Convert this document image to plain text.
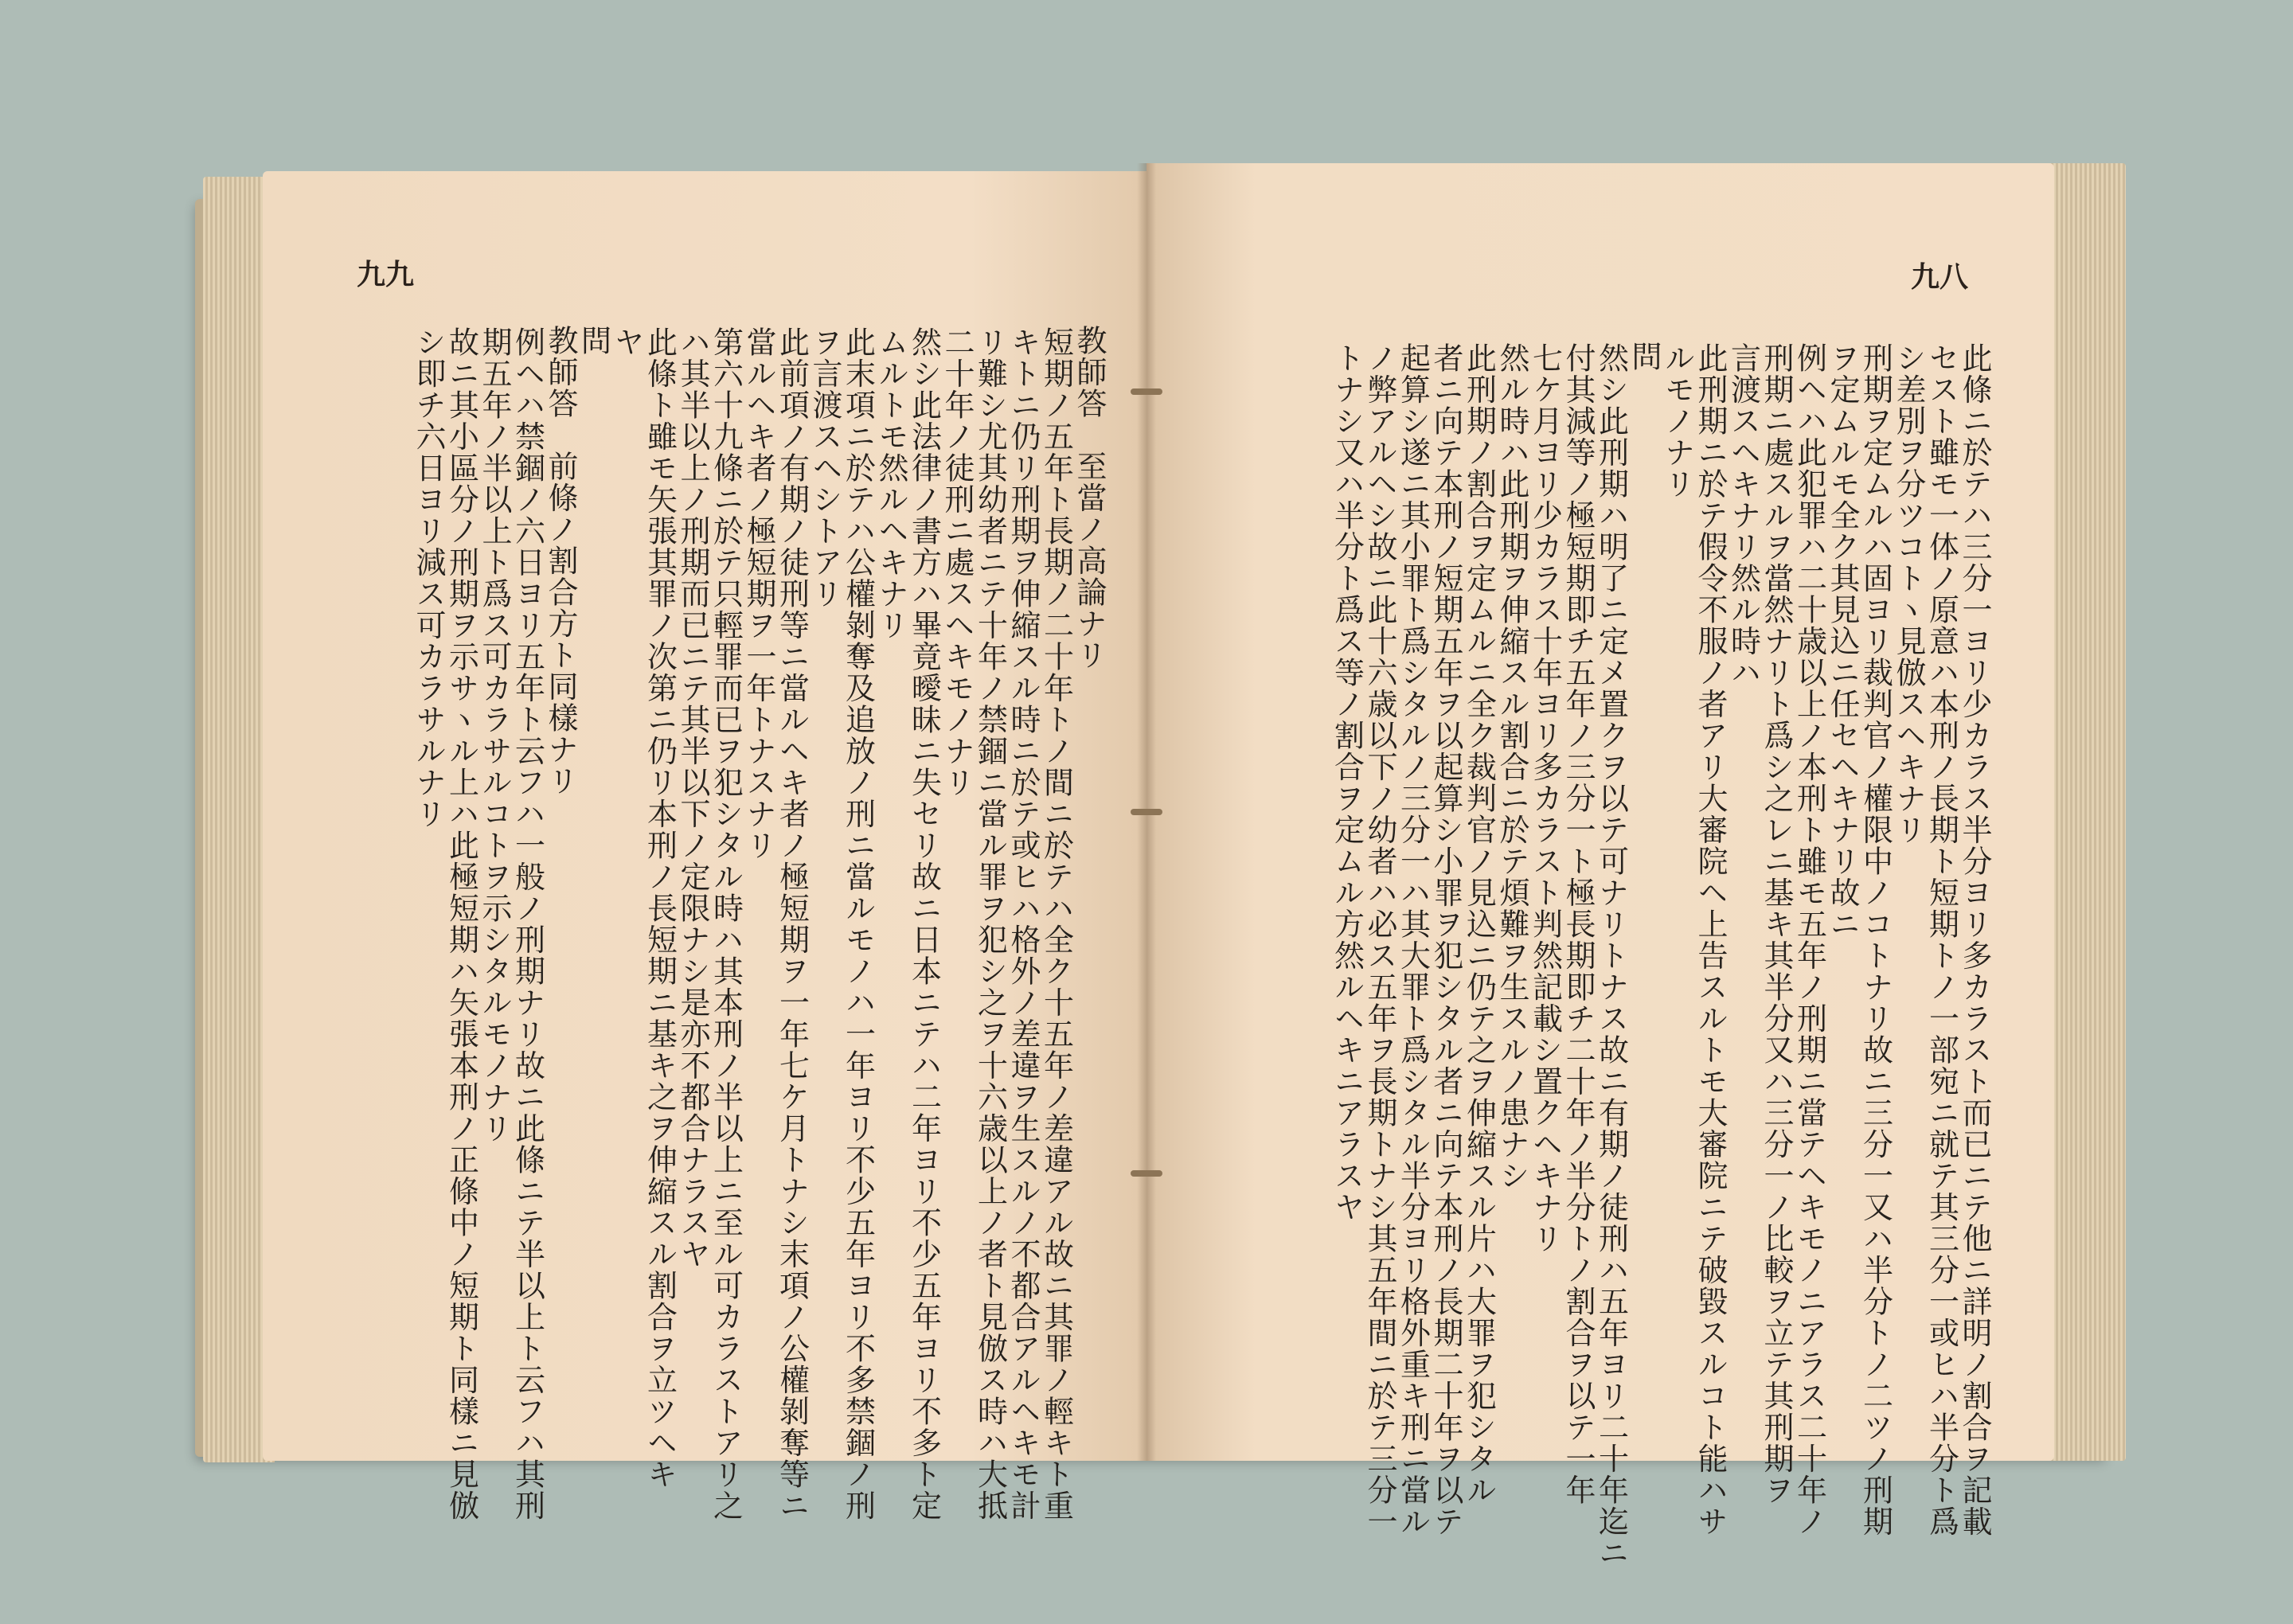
九九
教師答　至當ノ高論ナリ
短期ノ五年ト長期ノ二十年トノ間ニ於テハ全ク十五年ノ差違アル故ニ其罪ノ輕キト重
キトニ仍リ刑期ヲ伸縮スル時ニ於テ或ヒハ格外ノ差違ヲ生スルノ不都合アルヘキモ計
リ難シ尤其幼者ニテ十年ノ禁錮ニ當ル罪ヲ犯シ之ヲ十六歳以上ノ者ト見倣ス時ハ大抵
二十年ノ徒刑ニ處スヘキモノナリ
然シ此法律ノ書方ハ畢竟曖昧ニ失セリ故ニ日本ニテハ二年ヨリ不少五年ヨリ不多ト定
ムルトモ然ルヘキナリ
此末項ニ於テハ公權剝奪及追放ノ刑ニ當ルモノハ一年ヨリ不少五年ヨリ不多禁錮ノ刑
ヲ言渡スヘシトアリ
此前項ノ有期ノ徒刑等ニ當ルヘキ者ノ極短期ヲ一年七ケ月トナシ末項ノ公權剝奪等ニ
當ルヘキ者ノ極短期ヲ一年トナスナリ
第六十九條ニ於テ只輕罪而已ヲ犯シタル時ハ其本刑ノ半以上ニ至ル可カラストアリ之
ハ其半以上ノ刑期而已ニテ其半以下ノ定限ナシ是亦不都合ナラスヤ
此條ト雖モ矢張其罪ノ次第ニ仍リ本刑ノ長短期ニ基キ之ヲ伸縮スル割合ヲ立ツヘキ
ヤ
問
教師答　前條ノ割合方ト同樣ナリ
例ヘハ禁錮ノ六日ヨリ五年ト云フハ一般ノ刑期ナリ故ニ此條ニテ半以上ト云フハ其刑
期五年ノ半以上ト爲ス可カラサルコトヲ示シタルモノナリ
故ニ其小區分ノ刑期ヲ示サヽル上ハ此極短期ハ矢張本刑ノ正條中ノ短期ト同樣ニ見倣
シ即チ六日ヨリ減ス可カラサルナリ
九八
此條ニ於テハ三分一ヨリ少カラス半分ヨリ多カラスト而已ニテ他ニ詳明ノ割合ヲ記載
セスト雖モ一体ノ原意ハ本刑ノ長期ト短期トノ一部宛ニ就テ其三分一或ヒハ半分ト爲
シ差別ヲ分ツコトヽ見倣スヘキナリ
刑期ヲ定ムルハ固ヨリ裁判官ノ權限中ノコトナリ故ニ三分一又ハ半分トノ二ツノ刑期
ヲ定ムルモ全ク其見込ニ任セヘキナリ故ニ
例ヘハ此犯罪ハ二十歳以上ノ本刑ト雖モ五年ノ刑期ニ當テヘキモノニアラス二十年ノ
刑期ニ處スルヲ當然ナリト爲シ之レニ基キ其半分又ハ三分一ノ比較ヲ立テ其刑期ヲ
言渡スヘキナリ然ル時ハ
此刑期ニ於テ假令不服ノ者アリ大審院ヘ上告スルトモ大審院ニテ破毀スルコト能ハサ
ルモノナリ
問
然シ此刑期ハ明了ニ定メ置クヲ以テ可ナリトナス故ニ有期ノ徒刑ハ五年ヨリ二十年迄ニ
付其減等ノ極短期即チ五年ノ三分一ト極長期即チ二十年ノ半分トノ割合ヲ以テ一年
七ケ月ヨリ少カラス十年ヨリ多カラスト判然記載シ置クヘキナリ
然ル時ハ此刑期ヲ伸縮スル割合ニ於テ煩難ヲ生スルノ患ナシ
此刑期ノ割合ヲ定ムルニ全ク裁判官ノ見込ニ仍テ之ヲ伸縮スル片ハ大罪ヲ犯シタル
者ニ向テ本刑ノ短期五年ヲ以起算シ小罪ヲ犯シタル者ニ向テ本刑ノ長期二十年ヲ以テ
起算シ遂ニ其小罪ト爲シタルノ三分一ハ其大罪ト爲シタル半分ヨリ格外重キ刑ニ當ル
ノ弊アルヘシ故ニ此十六歳以下ノ幼者ハ必ス五年ヲ長期トナシ其五年間ニ於テ三分一
トナシ又ハ半分ト爲ス等ノ割合ヲ定ムル方然ルヘキニアラスヤ
